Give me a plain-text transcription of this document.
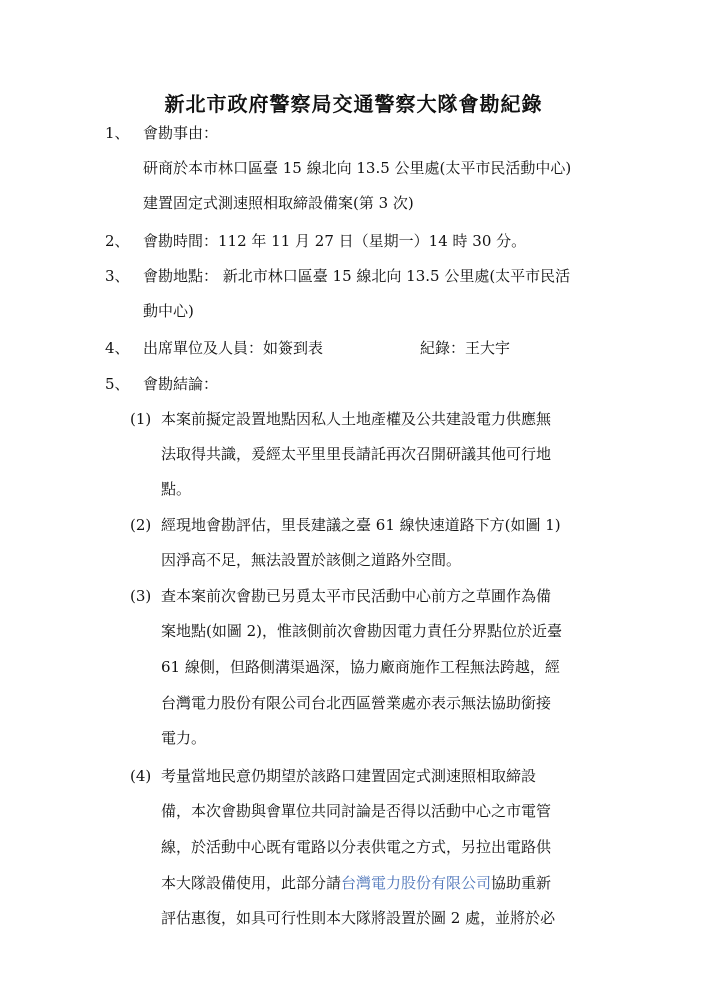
新北市政府警察局交通警察大隊會勘紀錄
1、 會勘事由：
研商於本市林口區臺 15 線北向 13.5 公里處(太平市民活動中心)
建置固定式測速照相取締設備案(第 3 次)
2、 會勘時間：112 年 11 月 27 日（星期一）14 時 30 分。
3、 會勘地點： 新北市林口區臺 15 線北向 13.5 公里處(太平市民活
動中心)
4、 出席單位及人員：如簽到表	紀錄：王大宇
5、 會勘結論：
(1) 本案前擬定設置地點因私人土地產權及公共建設電力供應無
法取得共識，爰經太平里里長請託再次召開研議其他可行地
點。
(2) 經現地會勘評估，里長建議之臺 61 線快速道路下方(如圖 1)
因淨高不足，無法設置於該側之道路外空間。
(3) 查本案前次會勘已另覓太平市民活動中心前方之草圃作為備
案地點(如圖 2)，惟該側前次會勘因電力責任分界點位於近臺
61 線側，但路側溝渠過深，協力廠商施作工程無法跨越，經
台灣電力股份有限公司台北西區營業處亦表示無法協助銜接
電力。
(4) 考量當地民意仍期望於該路口建置固定式測速照相取締設
備，本次會勘與會單位共同討論是否得以活動中心之市電管
線，於活動中心既有電路以分表供電之方式，另拉出電路供
本大隊設備使用，此部分請台灣電力股份有限公司協助重新
評估惠復，如具可行性則本大隊將設置於圖 2 處，並將於必
